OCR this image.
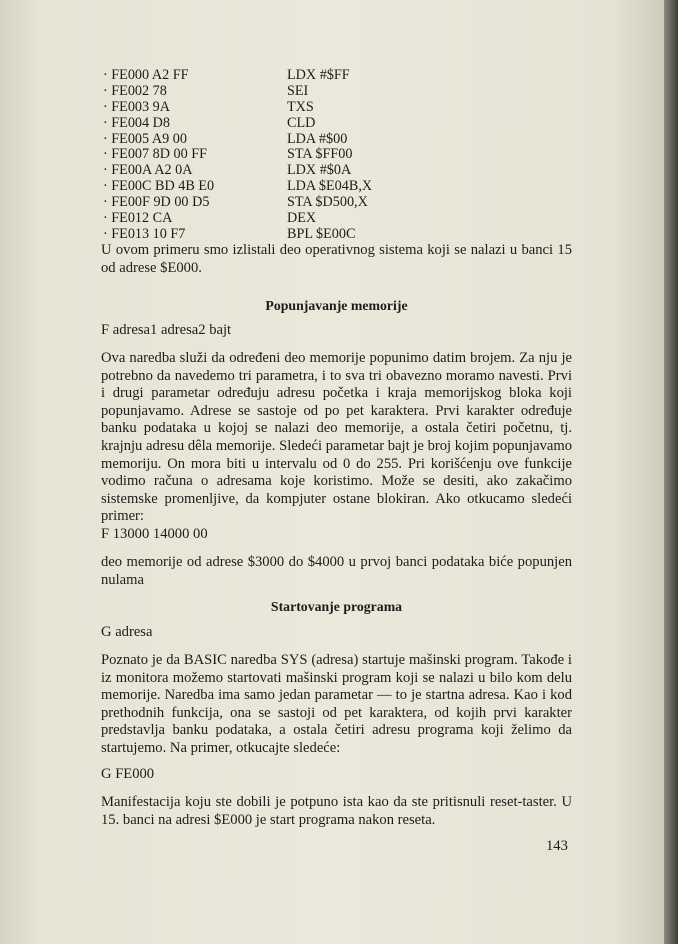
· FE000 A2 FF	LDX #$FF
· FE002 78	SEI
· FE003 9A	TXS
· FE004 D8	CLD
· FE005 A9 00	LDA #$00
· FE007 8D 00 FF	STA $FF00
· FE00A A2 0A	LDX #$0A
· FE00C BD 4B E0	LDA $E04B,X
· FE00F 9D 00 D5	STA $D500,X
· FE012 CA	DEX
· FE013 10 F7	BPL $E00C

U ovom primeru smo izlistali deo operativnog sistema koji se nalazi u banci 15 od adrese $E000.

Popunjavanje memorije
F adresa1 adresa2 bajt

Ova naredba služi da određeni deo memorije popunimo datim brojem. Za nju je potrebno da navedemo tri parametra, i to sva tri obavezno moramo navesti. Prvi i drugi parametar određuju adresu početka i kraja memorijskog bloka koji popunjavamo. Adrese se sastoje od po pet karaktera. Prvi karakter određuje banku podataka u kojoj se nalazi deo memorije, a ostala četiri početnu, tj. krajnju adresu dêla memorije. Sledeći parametar bajt je broj kojim popunjavamo memoriju. On mora biti u intervalu od 0 do 255. Pri korišćenju ove funkcije vodimo računa o adresama koje koristimo. Može se desiti, ako zakačimo sistemske promenljive, da kompjuter ostane blokiran. Ako otkucamo sledeći primer:

F 13000 14000 00

deo memorije od adrese $3000 do $4000 u prvoj banci podataka biće popunjen nulama

Startovanje programa
G adresa

Poznato je da BASIC naredba SYS (adresa) startuje mašinski program. Takođe i iz monitora možemo startovati mašinski program koji se nalazi u bilo kom delu memorije. Naredba ima samo jedan parametar — to je startna adresa. Kao i kod prethodnih funkcija, ona se sastoji od pet karaktera, od kojih prvi karakter predstavlja banku podataka, a ostala četiri adresu programa koji želimo da startujemo. Na primer, otkucajte sledeće:

G FE000

Manifestacija koju ste dobili je potpuno ista kao da ste pritisnuli reset-taster. U 15. banci na adresi $E000 je start programa nakon reseta.

143
